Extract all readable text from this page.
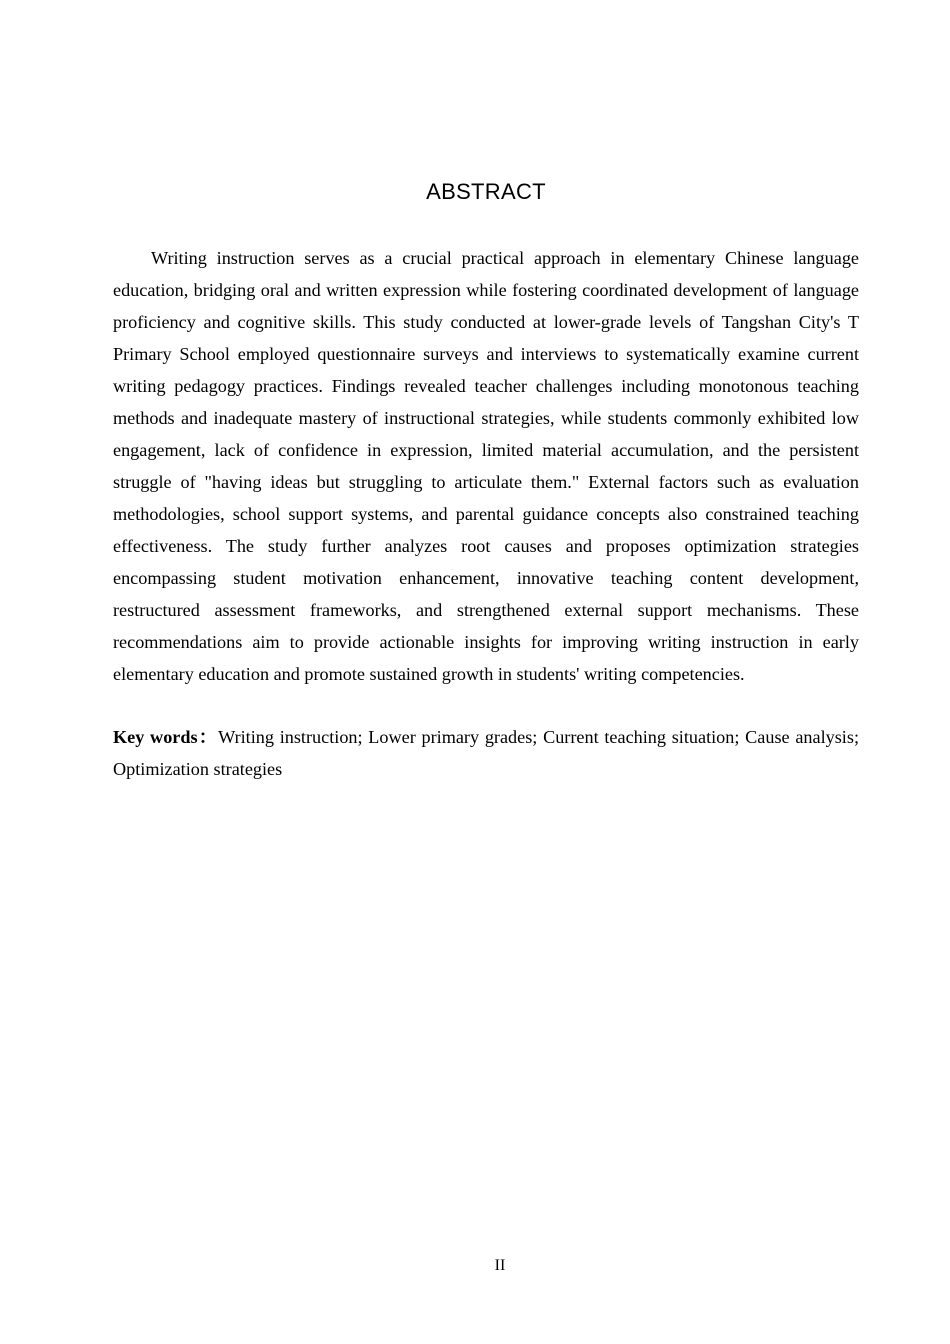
ABSTRACT

Writing instruction serves as a crucial practical approach in elementary Chinese language education, bridging oral and written expression while fostering coordinated development of language proficiency and cognitive skills. This study conducted at lower-grade levels of Tangshan City's T Primary School employed questionnaire surveys and interviews to systematically examine current writing pedagogy practices. Findings revealed teacher challenges including monotonous teaching methods and inadequate mastery of instructional strategies, while students commonly exhibited low engagement, lack of confidence in expression, limited material accumulation, and the persistent struggle of "having ideas but struggling to articulate them." External factors such as evaluation methodologies, school support systems, and parental guidance concepts also constrained teaching effectiveness. The study further analyzes root causes and proposes optimization strategies encompassing student motivation enhancement, innovative teaching content development, restructured assessment frameworks, and strengthened external support mechanisms. These recommendations aim to provide actionable insights for improving writing instruction in early elementary education and promote sustained growth in students' writing competencies.

Key words：Writing instruction; Lower primary grades; Current teaching situation; Cause analysis; Optimization strategies

II
